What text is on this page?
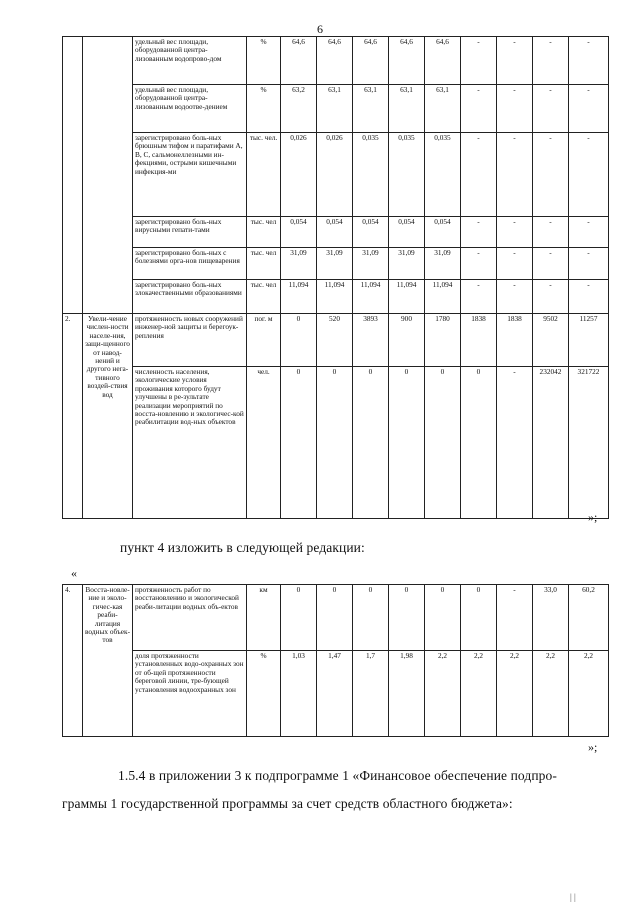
6
		удельный вес площади, оборудованной центра-лизованным водопрово-дом	%	64,6	64,6	64,6	64,6	64,6	-	-	-	-
		удельный вес площади, оборудованной центра-лизованным водоотве-дением	%	63,2	63,1	63,1	63,1	63,1	-	-	-	-
		зарегистрировано боль-ных брюшным тифом и паратифами А, В, С, сальмонеллезными ин-фекциями, острыми кишечными инфекция-ми	тыс. чел.	0,026	0,026	0,035	0,035	0,035	-	-	-	-
		зарегистрировано боль-ных вирусными гепати-тами	тыс. чел	0,054	0,054	0,054	0,054	0,054	-	-	-	-
		зарегистрировано боль-ных с болезнями орга-нов пищеварения	тыс. чел	31,09	31,09	31,09	31,09	31,09	-	-	-	-
		зарегистрировано боль-ных злокачественными образованиями	тыс. чел	11,094	11,094	11,094	11,094	11,094	-	-	-	-
2.	Увели-чение числен-ности населе-ния, защи-щенного от навод-нений и другого нега-тивного воздей-ствия вод	протяженность новых сооружений инженер-ной защиты и берегоук-репления	пог. м	0	520	3893	900	1780	1838	1838	9502	11257
		численность населения, экологические условия проживания которого будут улучшены в ре-зультате реализации мероприятий по восста-новлению и экологичес-кой реабилитации вод-ных объектов	чел.	0	0	0	0	0	0	-	232042	321722
»;
пункт 4 изложить в следующей редакции:
«
4.	Восста-новле-ние и эколо-гичес-кая реаби-литация водных объек-тов	протяженность работ по восстановлению и экологической реаби-литации водных объ-ектов	км	0	0	0	0	0	0	-	33,0	60,2
		доля протяженности установленных водо-охранных зон от об-щей протяженности береговой линии, тре-бующей установления водоохранных зон	%	1,03	1,47	1,7	1,98	2,2	2,2	2,2	2,2	2,2
»;
1.5.4 в приложении 3 к подпрограмме 1 «Финансовое обеспечение подпро-
граммы 1 государственной программы за счет средств областного бюджета»:
| |
